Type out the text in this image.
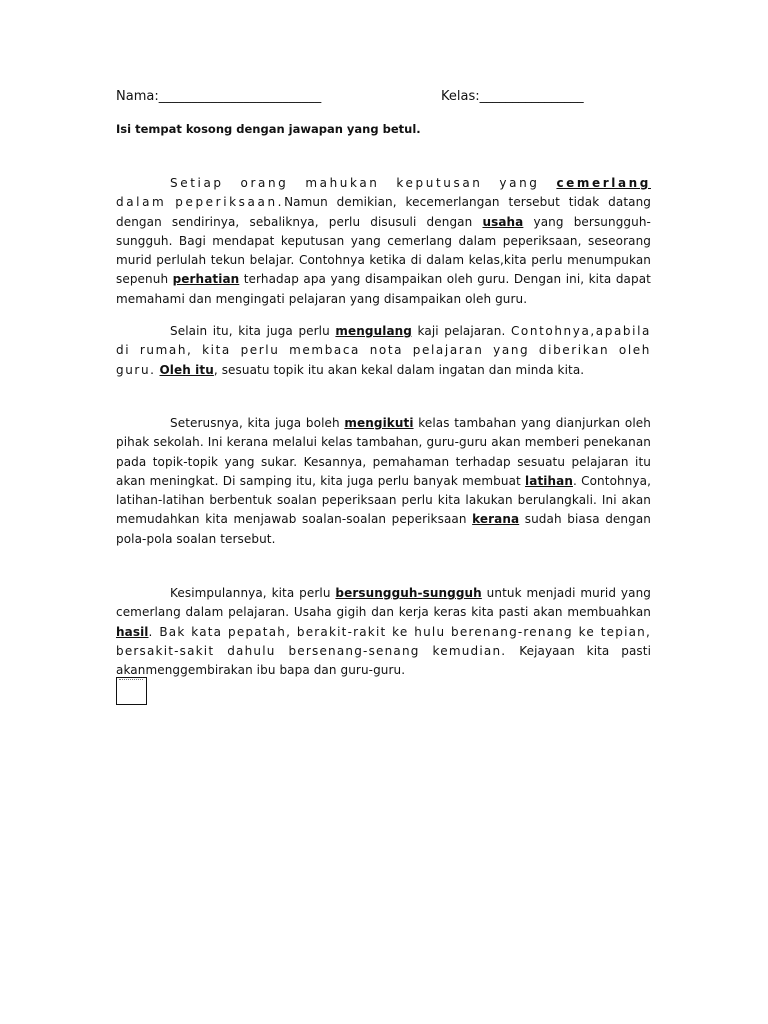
Nama:_________________________	Kelas:________________
Isi tempat kosong dengan jawapan yang betul.
Setiap orang mahukan keputusan yang cemerlang dalam peperiksaan.Namun demikian, kecemerlangan tersebut tidak datang dengan sendirinya, sebaliknya, perlu disusuli dengan usaha yang bersungguh-sungguh. Bagi mendapat keputusan yang cemerlang dalam peperiksaan, seseorang murid perlulah tekun belajar. Contohnya ketika di dalam kelas,kita perlu menumpukan sepenuh perhatian terhadap apa yang disampaikan oleh guru. Dengan ini, kita dapat memahami dan mengingati pelajaran yang disampaikan oleh guru.
Selain itu, kita juga perlu mengulang kaji pelajaran. Contohnya,apabila di rumah, kita perlu membaca nota pelajaran yang diberikan oleh guru. Oleh itu, sesuatu topik itu akan kekal dalam ingatan dan minda kita.
Seterusnya, kita juga boleh mengikuti kelas tambahan yang dianjurkan oleh pihak sekolah. Ini kerana melalui kelas tambahan, guru-guru akan memberi penekanan pada topik-topik yang sukar. Kesannya, pemahaman terhadap sesuatu pelajaran itu akan meningkat. Di samping itu, kita juga perlu banyak membuat latihan. Contohnya, latihan-latihan berbentuk soalan peperiksaan perlu kita lakukan berulangkali. Ini akan memudahkan kita menjawab soalan-soalan peperiksaan kerana sudah biasa dengan pola-pola soalan tersebut.
Kesimpulannya, kita perlu bersungguh-sungguh untuk menjadi murid yang cemerlang dalam pelajaran. Usaha gigih dan kerja keras kita pasti akan membuahkan hasil. Bak kata pepatah, berakit-rakit ke hulu berenang-renang ke tepian, bersakit-sakit dahulu bersenang-senang kemudian. Kejayaan kita pasti akanmenggembirakan ibu bapa dan guru-guru.
